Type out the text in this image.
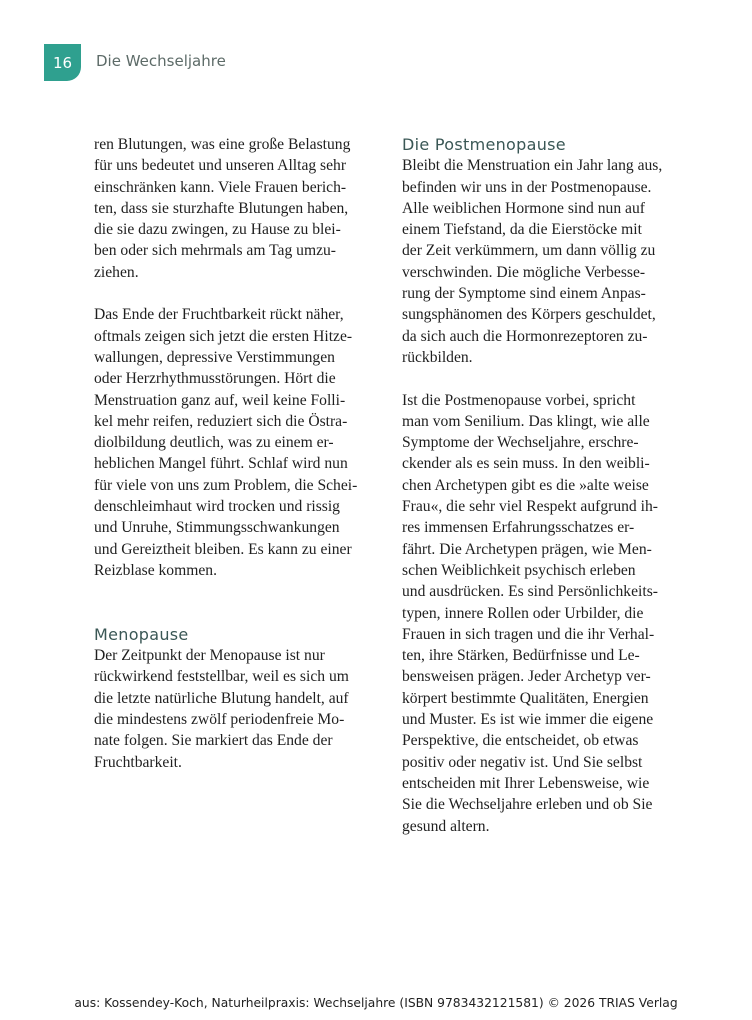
16	Die Wechseljahre
ren Blutungen, was eine große Belastung
für uns bedeutet und unseren Alltag sehr
einschränken kann. Viele Frauen berich-
ten, dass sie sturzhafte Blutungen haben,
die sie dazu zwingen, zu Hause zu blei-
ben oder sich mehrmals am Tag umzu-
ziehen.
Das Ende der Fruchtbarkeit rückt näher,
oftmals zeigen sich jetzt die ersten Hitze-
wallungen, depressive Verstimmungen
oder Herzrhythmusstörungen. Hört die
Menstruation ganz auf, weil keine Folli-
kel mehr reifen, reduziert sich die Östra-
diolbildung deutlich, was zu einem er-
heblichen Mangel führt. Schlaf wird nun
für viele von uns zum Problem, die Schei-
denschleimhaut wird trocken und rissig
und Unruhe, Stimmungsschwankungen
und Gereiztheit bleiben. Es kann zu einer
Reizblase kommen.
Menopause
Der Zeitpunkt der Menopause ist nur
rückwirkend feststellbar, weil es sich um
die letzte natürliche Blutung handelt, auf
die mindestens zwölf periodenfreie Mo-
nate folgen. Sie markiert das Ende der
Fruchtbarkeit.
Die Postmenopause
Bleibt die Menstruation ein Jahr lang aus,
befinden wir uns in der Postmenopause.
Alle weiblichen Hormone sind nun auf
einem Tiefstand, da die Eierstöcke mit
der Zeit verkümmern, um dann völlig zu
verschwinden. Die mögliche Verbesse-
rung der Symptome sind einem Anpas-
sungsphänomen des Körpers geschuldet,
da sich auch die Hormonrezeptoren zu-
rückbilden.
Ist die Postmenopause vorbei, spricht
man vom Senilium. Das klingt, wie alle
Symptome der Wechseljahre, erschre-
ckender als es sein muss. In den weibli-
chen Archetypen gibt es die »alte weise
Frau«, die sehr viel Respekt aufgrund ih-
res immensen Erfahrungsschatzes er-
fährt. Die Archetypen prägen, wie Men-
schen Weiblichkeit psychisch erleben
und ausdrücken. Es sind Persönlichkeits-
typen, innere Rollen oder Urbilder, die
Frauen in sich tragen und die ihr Verhal-
ten, ihre Stärken, Bedürfnisse und Le-
bensweisen prägen. Jeder Archetyp ver-
körpert bestimmte Qualitäten, Energien
und Muster. Es ist wie immer die eigene
Perspektive, die entscheidet, ob etwas
positiv oder negativ ist. Und Sie selbst
entscheiden mit Ihrer Lebensweise, wie
Sie die Wechseljahre erleben und ob Sie
gesund altern.
aus: Kossendey-Koch, Naturheilpraxis: Wechseljahre (ISBN 9783432121581) © 2026 TRIAS Verlag
